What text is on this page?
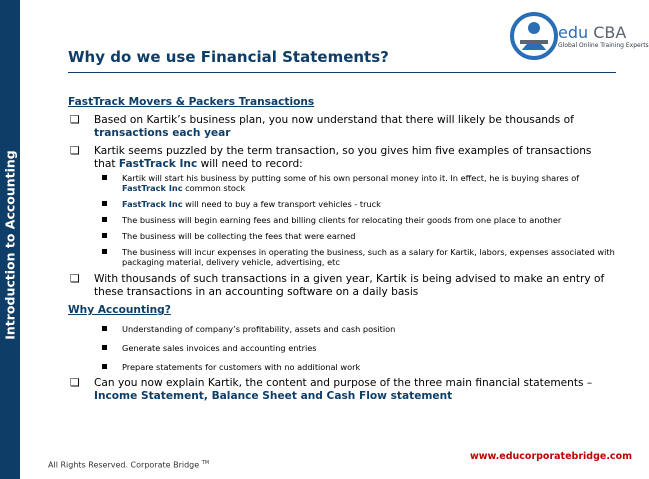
Introduction to Accounting
edu CBA
Global Online Training Experts
Why do we use Financial Statements?
FastTrack Movers & Packers Transactions
❑ Based on Kartik’s business plan, you now understand that there will likely be thousands of transactions each year
❑ Kartik seems puzzled by the term transaction, so you gives him five examples of transactions that FastTrack Inc will need to record:
Kartik will start his business by putting some of his own personal money into it. In effect, he is buying shares of FastTrack Inc common stock
FastTrack Inc will need to buy a few transport vehicles - truck
The business will begin earning fees and billing clients for relocating their goods from one place to another
The business will be collecting the fees that were earned
The business will incur expenses in operating the business, such as a salary for Kartik, labors, expenses associated with packaging material, delivery vehicle, advertising, etc
❑ With thousands of such transactions in a given year, Kartik is being advised to make an entry of these transactions in an accounting software on a daily basis
Why Accounting?
Understanding of company’s profitability, assets and cash position
Generate sales invoices and accounting entries
Prepare statements for customers with no additional work
❑ Can you now explain Kartik, the content and purpose of the three main financial statements – Income Statement, Balance Sheet and Cash Flow statement
www.educorporatebridge.com
All Rights Reserved. Corporate Bridge ™
